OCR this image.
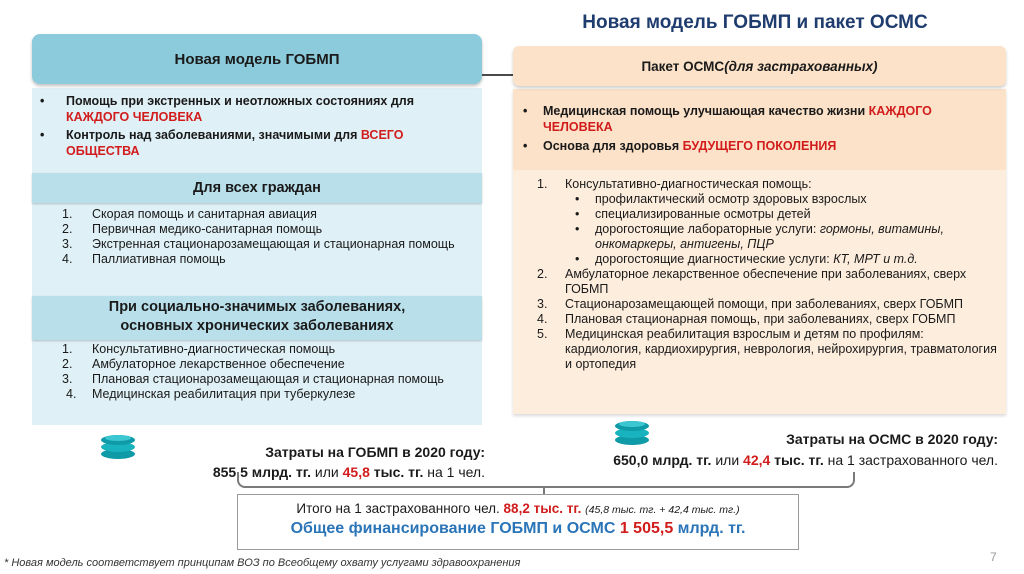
Новая модель ГОБМП и пакет ОСМС
Новая модель ГОБМП
• Помощь при экстренных и неотложных состояниях для КАЖДОГО ЧЕЛОВЕКА
• Контроль над заболеваниями, значимыми для ВСЕГО ОБЩЕСТВА
Для всех граждан
1. Скорая помощь и санитарная авиация
2. Первичная медико-санитарная помощь
3. Экстренная стационарозамещающая и стационарная помощь
4. Паллиативная помощь
При социально-значимых заболеваниях,
основных хронических заболеваниях
1. Консультативно-диагностическая помощь
2. Амбулаторное лекарственное обеспечение
3. Плановая стационарозамещающая и стационарная помощь
4. Медицинская реабилитация при туберкулезе
Пакет ОСМС (для застрахованных)
• Медицинская помощь улучшающая качество жизни КАЖДОГО ЧЕЛОВЕКА
• Основа для здоровья БУДУЩЕГО ПОКОЛЕНИЯ
1. Консультативно-диагностическая помощь:
• профилактический осмотр здоровых взрослых
• специализированные осмотры детей
• дорогостоящие лабораторные услуги: гормоны, витамины, онкомаркеры, антигены, ПЦР
• дорогостоящие диагностические услуги: КТ, МРТ и т.д.
2. Амбулаторное лекарственное обеспечение при заболеваниях, сверх ГОБМП
3. Стационарозамещающей помощи, при заболеваниях, сверх ГОБМП
4. Плановая стационарная помощь, при заболеваниях, сверх ГОБМП
5. Медицинская реабилитация взрослым и детям по профилям: кардиология, кардиохирургия, неврология, нейрохирургия, травматология и ортопедия
Затраты на ГОБМП в 2020 году:
855,5 млрд. тг. или 45,8 тыс. тг. на 1 чел.
Затраты на ОСМС в 2020 году:
650,0 млрд. тг. или 42,4 тыс. тг. на 1 застрахованного чел.
Итого на 1 застрахованного чел. 88,2 тыс. тг. (45,8 тыс. тг. + 42,4 тыс. тг.)
Общее финансирование ГОБМП и ОСМС 1 505,5 млрд. тг.
* Новая модель соответствует принципам ВОЗ по Всеобщему охвату услугами здравоохранения	7
